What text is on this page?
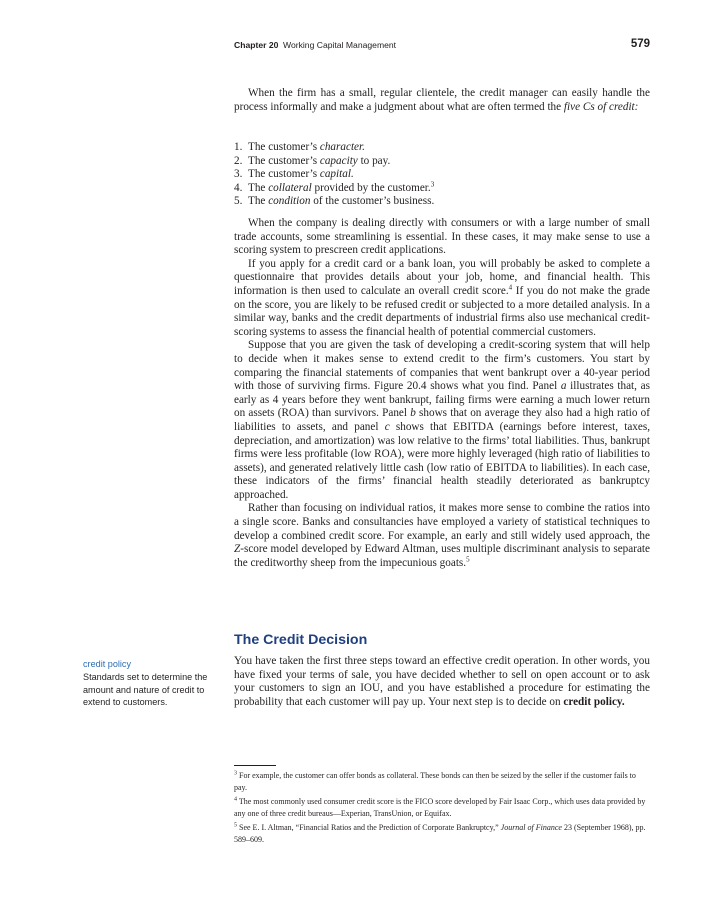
Chapter 20 Working Capital Management	579

When the firm has a small, regular clientele, the credit manager can easily handle the process informally and make a judgment about what are often termed the five Cs of credit:

1. The customer’s character.
2. The customer’s capacity to pay.
3. The customer’s capital.
4. The collateral provided by the customer.$^3$
5. The condition of the customer’s business.

When the company is dealing directly with consumers or with a large number of small trade accounts, some streamlining is essential. In these cases, it may make sense to use a scoring system to prescreen credit applications.

If you apply for a credit card or a bank loan, you will probably be asked to complete a questionnaire that provides details about your job, home, and financial health. This information is then used to calculate an overall credit score.$^4$ If you do not make the grade on the score, you are likely to be refused credit or subjected to a more detailed analysis. In a similar way, banks and the credit departments of industrial firms also use mechanical credit-scoring systems to assess the financial health of potential commercial customers.

Suppose that you are given the task of developing a credit-scoring system that will help to decide when it makes sense to extend credit to the firm’s customers. You start by comparing the financial statements of companies that went bankrupt over a 40-year period with those of surviving firms. Figure 20.4 shows what you find. Panel a illustrates that, as early as 4 years before they went bankrupt, failing firms were earning a much lower return on assets (ROA) than survivors. Panel b shows that on average they also had a high ratio of liabilities to assets, and panel c shows that EBITDA (earnings before interest, taxes, depreciation, and amortization) was low relative to the firms’ total liabilities. Thus, bankrupt firms were less profitable (low ROA), were more highly leveraged (high ratio of liabilities to assets), and generated relatively little cash (low ratio of EBITDA to liabilities). In each case, these indicators of the firms’ financial health steadily deteriorated as bankruptcy approached.

Rather than focusing on individual ratios, it makes more sense to combine the ratios into a single score. Banks and consultancies have employed a variety of statistical techniques to develop a combined credit score. For example, an early and still widely used approach, the Z-score model developed by Edward Altman, uses multiple discriminant analysis to separate the creditworthy sheep from the impecunious goats.$^5$

The Credit Decision

You have taken the first three steps toward an effective credit operation. In other words, you have fixed your terms of sale, you have decided whether to sell on open account or to ask your customers to sign an IOU, and you have established a procedure for estimating the probability that each customer will pay up. Your next step is to decide on credit policy.

credit policy
Standards set to determine the amount and nature of credit to extend to customers.

$^3$ For example, the customer can offer bonds as collateral. These bonds can then be seized by the seller if the customer fails to pay.

$^4$ The most commonly used consumer credit score is the FICO score developed by Fair Isaac Corp., which uses data provided by any one of three credit bureaus—Experian, TransUnion, or Equifax.

$^5$ See E. I. Altman, “Financial Ratios and the Prediction of Corporate Bankruptcy,” Journal of Finance 23 (September 1968), pp. 589–609.
